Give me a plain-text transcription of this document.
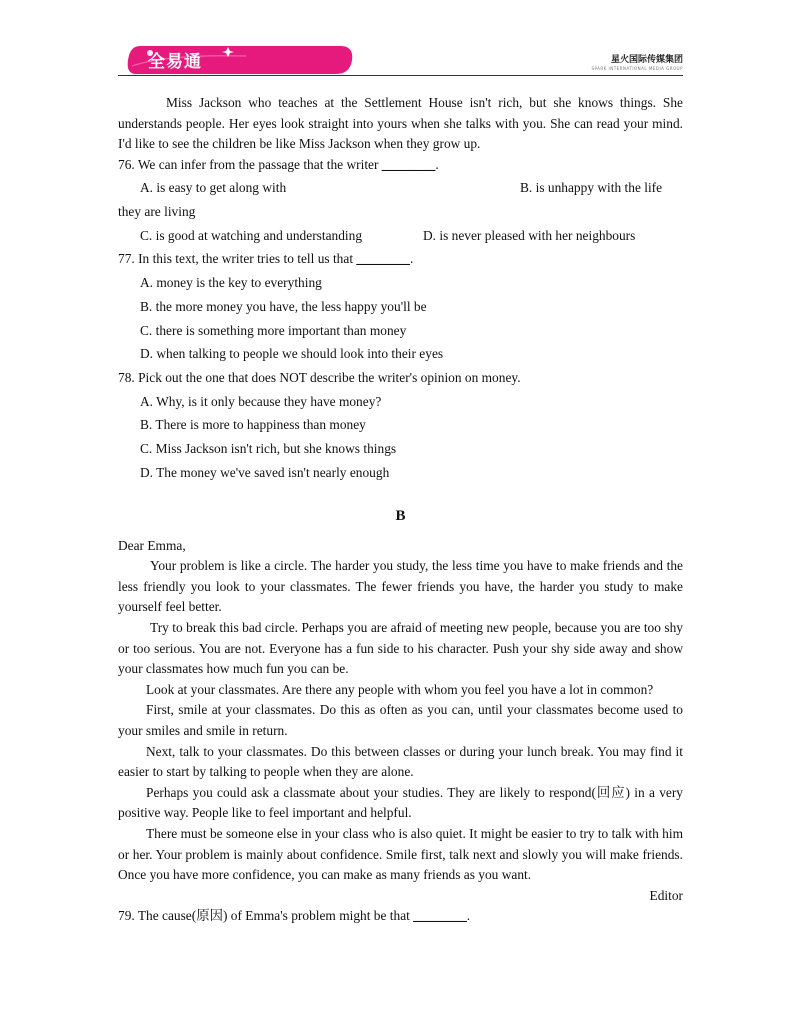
全易通	星火国际传媒集团
SPARK INTERNATIONAL MEDIA GROUP

Miss Jackson who teaches at the Settlement House isn't rich, but she knows things. She understands people. Her eyes look straight into yours when she talks with you. She can read your mind. I'd like to see the children be like Miss Jackson when they grow up.

76. We can infer from the passage that the writer ________.

A. is easy to get along with	B. is unhappy with the life

they are living

C. is good at watching and understanding	D. is never pleased with her neighbours

77. In this text, the writer tries to tell us that ________.

A. money is the key to everything

B. the more money you have, the less happy you'll be

C. there is something more important than money

D. when talking to people we should look into their eyes

78. Pick out the one that does NOT describe the writer's opinion on money.

A. Why, is it only because they have money?

B. There is more to happiness than money

C. Miss Jackson isn't rich, but she knows things

D. The money we've saved isn't nearly enough

B

Dear Emma,

Your problem is like a circle. The harder you study, the less time you have to make friends and the less friendly you look to your classmates. The fewer friends you have, the harder you study to make yourself feel better.

Try to break this bad circle. Perhaps you are afraid of meeting new people, because you are too shy or too serious. You are not. Everyone has a fun side to his character. Push your shy side away and show your classmates how much fun you can be.

Look at your classmates. Are there any people with whom you feel you have a lot in common?

First, smile at your classmates. Do this as often as you can, until your classmates become used to your smiles and smile in return.

Next, talk to your classmates. Do this between classes or during your lunch break. You may find it easier to start by talking to people when they are alone.

Perhaps you could ask a classmate about your studies. They are likely to respond(回应) in a very positive way. People like to feel important and helpful.

There must be someone else in your class who is also quiet. It might be easier to try to talk with him or her. Your problem is mainly about confidence. Smile first, talk next and slowly you will make friends. Once you have more confidence, you can make as many friends as you want.

Editor

79. The cause(原因) of Emma's problem might be that ________.
